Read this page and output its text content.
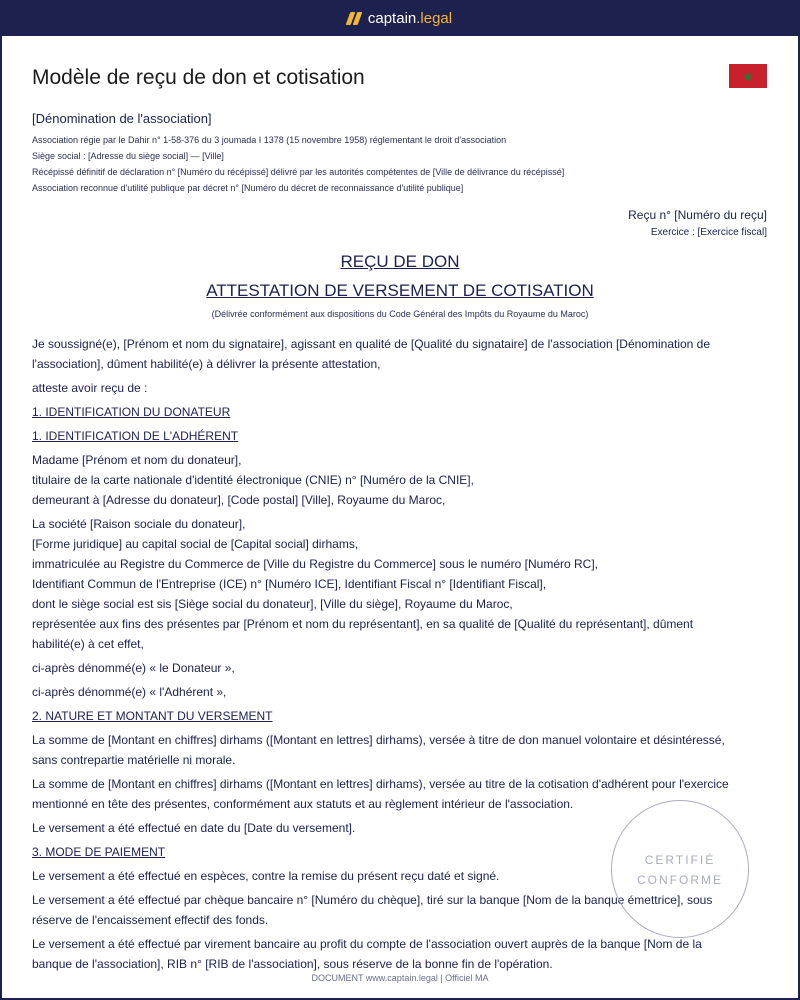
captain.legal
Modèle de reçu de don et cotisation	★
[Dénomination de l'association]
Association régie par le Dahir n° 1-58-376 du 3 joumada I 1378 (15 novembre 1958) réglementant le droit d'association
Siège social : [Adresse du siège social] — [Ville]
Récépissé définitif de déclaration n° [Numéro du récépissé] délivré par les autorités compétentes de [Ville de délivrance du récépissé]
Association reconnue d'utilité publique par décret n° [Numéro du décret de reconnaissance d'utilité publique]
Reçu n° [Numéro du reçu]
Exercice : [Exercice fiscal]
REÇU DE DON
ATTESTATION DE VERSEMENT DE COTISATION
(Délivrée conformément aux dispositions du Code Général des Impôts du Royaume du Maroc)

Je soussigné(e), [Prénom et nom du signataire], agissant en qualité de [Qualité du signataire] de l'association [Dénomination de l'association], dûment habilité(e) à délivrer la présente attestation,

atteste avoir reçu de :

1. IDENTIFICATION DU DONATEUR

1. IDENTIFICATION DE L'ADHÉRENT

Madame [Prénom et nom du donateur],

titulaire de la carte nationale d'identité électronique (CNIE) n° [Numéro de la CNIE],

demeurant à [Adresse du donateur], [Code postal] [Ville], Royaume du Maroc,

La société [Raison sociale du donateur],

[Forme juridique] au capital social de [Capital social] dirhams,

immatriculée au Registre du Commerce de [Ville du Registre du Commerce] sous le numéro [Numéro RC],

Identifiant Commun de l'Entreprise (ICE) n° [Numéro ICE], Identifiant Fiscal n° [Identifiant Fiscal],

dont le siège social est sis [Siège social du donateur], [Ville du siège], Royaume du Maroc,

représentée aux fins des présentes par [Prénom et nom du représentant], en sa qualité de [Qualité du représentant], dûment habilité(e) à cet effet,

ci-après dénommé(e) « le Donateur »,

ci-après dénommé(e) « l'Adhérent »,

2. NATURE ET MONTANT DU VERSEMENT

La somme de [Montant en chiffres] dirhams ([Montant en lettres] dirhams), versée à titre de don manuel volontaire et désintéressé, sans contrepartie matérielle ni morale.

La somme de [Montant en chiffres] dirhams ([Montant en lettres] dirhams), versée au titre de la cotisation d'adhérent pour l'exercice mentionné en tête des présentes, conformément aux statuts et au règlement intérieur de l'association.

Le versement a été effectué en date du [Date du versement].

3. MODE DE PAIEMENT

Le versement a été effectué en espèces, contre la remise du présent reçu daté et signé.

Le versement a été effectué par chèque bancaire n° [Numéro du chèque], tiré sur la banque [Nom de la banque émettrice], sous réserve de l'encaissement effectif des fonds.

Le versement a été effectué par virement bancaire au profit du compte de l'association ouvert auprès de la banque [Nom de la banque de l'association], RIB n° [RIB de l'association], sous réserve de la bonne fin de l'opération.

CERTIFIÉ
CONFORME
DOCUMENT www.captain.legal | Officiel MA
